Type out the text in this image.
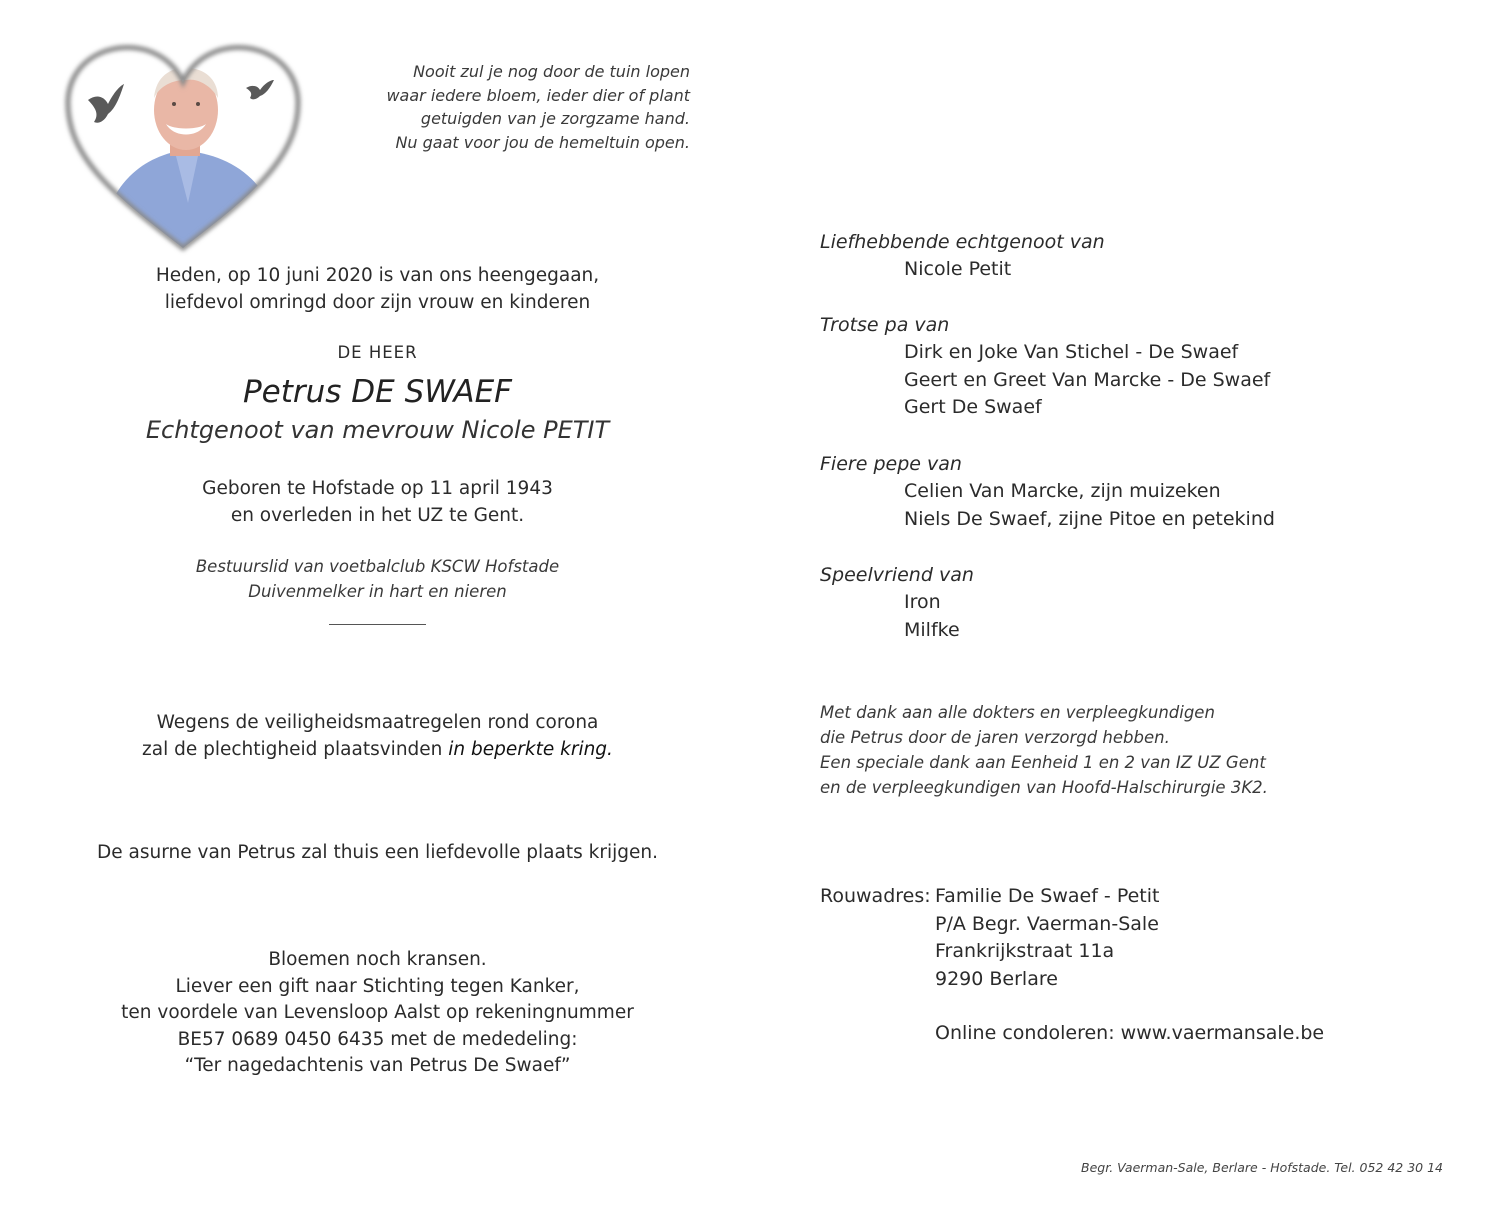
Nooit zul je nog door de tuin lopen
waar iedere bloem, ieder dier of plant
getuigden van je zorgzame hand.
Nu gaat voor jou de hemeltuin open.
Heden, op 10 juni 2020 is van ons heengegaan,
liefdevol omringd door zijn vrouw en kinderen
DE HEER
Petrus DE SWAEF
Echtgenoot van mevrouw Nicole PETIT
Geboren te Hofstade op 11 april 1943
en overleden in het UZ te Gent.
Bestuurslid van voetbalclub KSCW Hofstade
Duivenmelker in hart en nieren
Wegens de veiligheidsmaatregelen rond corona
zal de plechtigheid plaatsvinden in beperkte kring.
De asurne van Petrus zal thuis een liefdevolle plaats krijgen.
Bloemen noch kransen.
Liever een gift naar Stichting tegen Kanker,
ten voordele van Levensloop Aalst op rekeningnummer
BE57 0689 0450 6435 met de mededeling:
“Ter nagedachtenis van Petrus De Swaef”
Liefhebbende echtgenoot van
Nicole Petit
Trotse pa van
Dirk en Joke Van Stichel - De Swaef
Geert en Greet Van Marcke - De Swaef
Gert De Swaef
Fiere pepe van
Celien Van Marcke, zijn muizeken
Niels De Swaef, zijne Pitoe en petekind
Speelvriend van
Iron
Milfke
Met dank aan alle dokters en verpleegkundigen
die Petrus door de jaren verzorgd hebben.
Een speciale dank aan Eenheid 1 en 2 van IZ UZ Gent
en de verpleegkundigen van Hoofd-Halschirurgie 3K2.
Rouwadres: Familie De Swaef - Petit
P/A Begr. Vaerman-Sale
Frankrijkstraat 11a
9290 Berlare
Online condoleren: www.vaermansale.be
Begr. Vaerman-Sale, Berlare - Hofstade. Tel. 052 42 30 14
